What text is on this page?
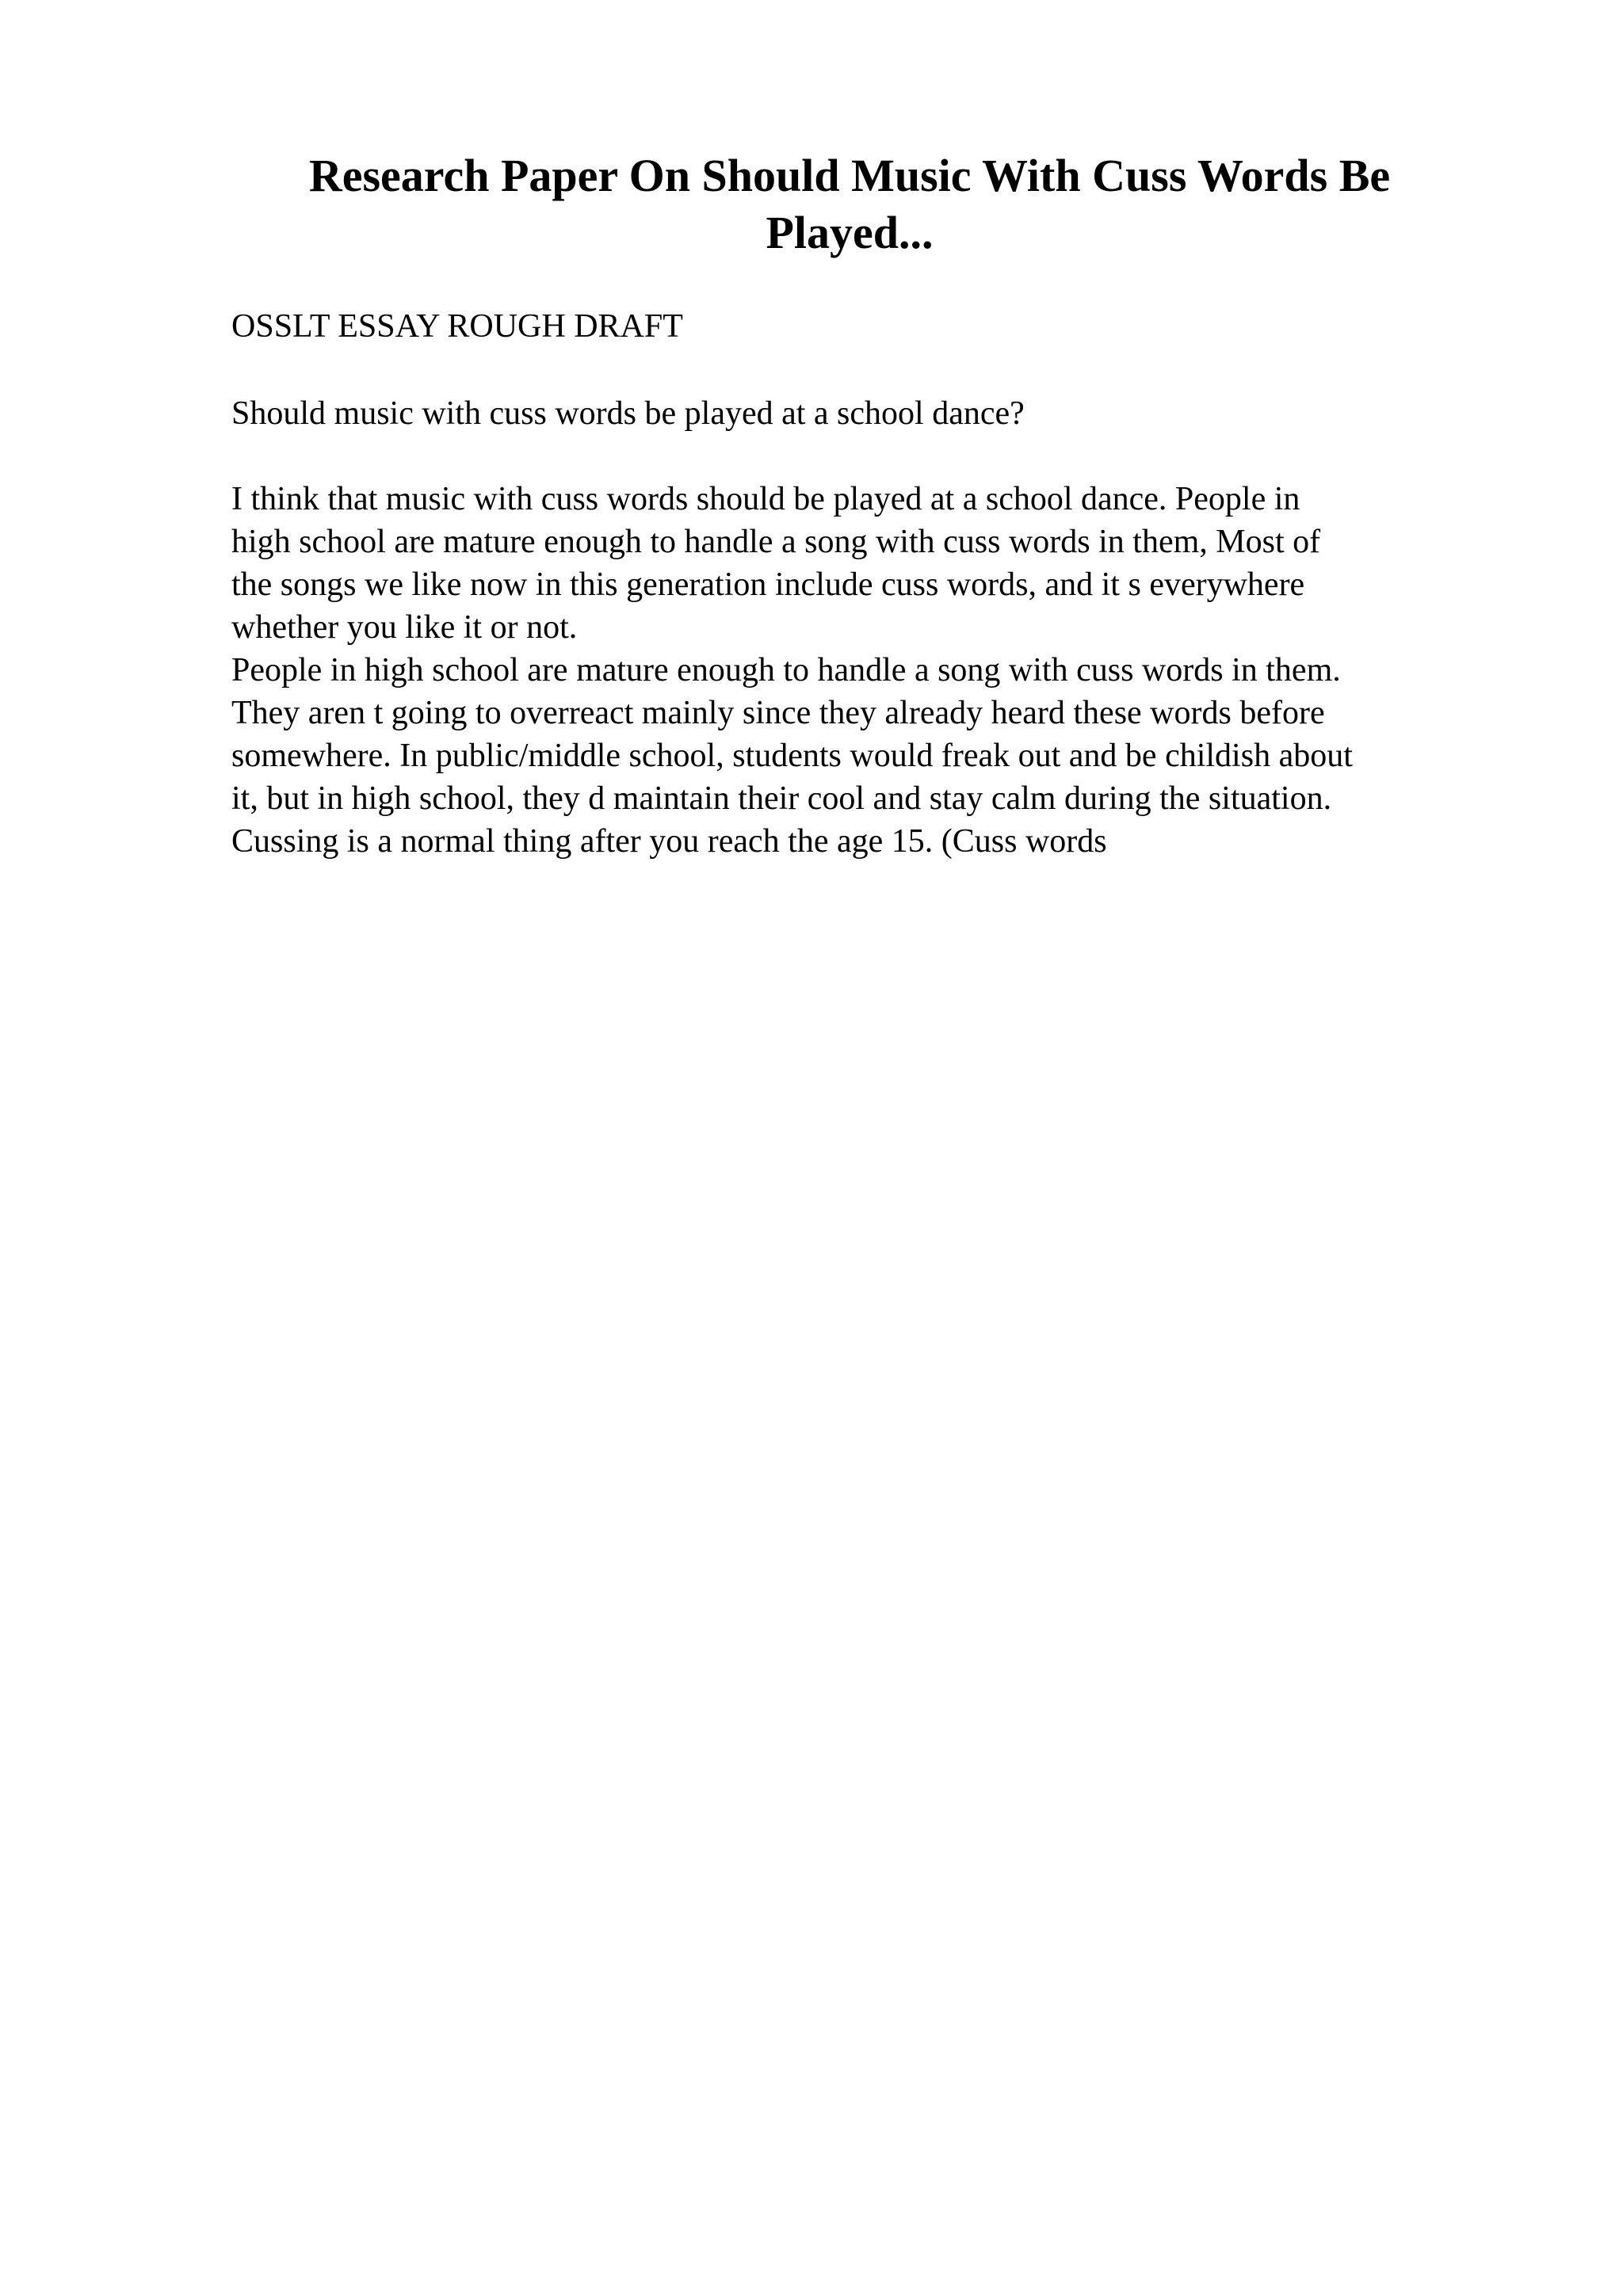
Research Paper On Should Music With Cuss Words Be
Played...

OSSLT ESSAY ROUGH DRAFT

Should music with cuss words be played at a school dance?

I think that music with cuss words should be played at a school dance. People in
high school are mature enough to handle a song with cuss words in them, Most of
the songs we like now in this generation include cuss words, and it s everywhere
whether you like it or not.

People in high school are mature enough to handle a song with cuss words in them.
They aren t going to overreact mainly since they already heard these words before
somewhere. In public/middle school, students would freak out and be childish about
it, but in high school, they d maintain their cool and stay calm during the situation.
Cussing is a normal thing after you reach the age 15. (Cuss words
